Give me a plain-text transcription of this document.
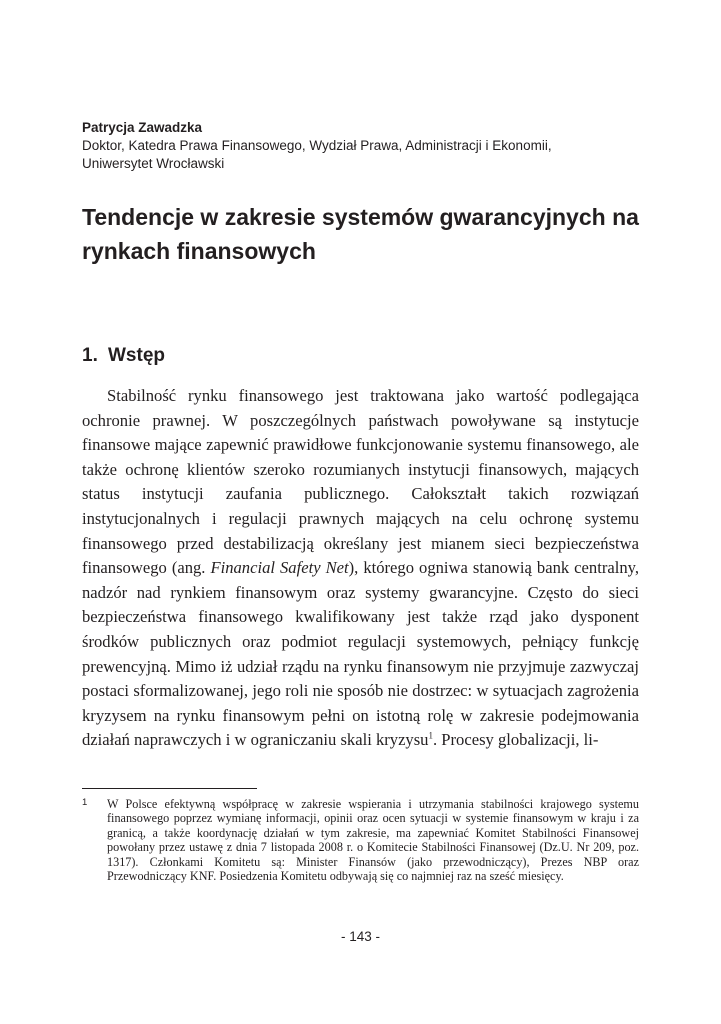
Patrycja Zawadzka
Doktor, Katedra Prawa Finansowego, Wydział Prawa, Administracji i Ekonomii,
Uniwersytet Wrocławski
Tendencje w zakresie systemów gwarancyjnych na rynkach finansowych
1. Wstęp

Stabilność rynku finansowego jest traktowana jako wartość podlegająca ochronie prawnej. W poszczególnych państwach powoływane są instytucje finansowe mające zapewnić prawidłowe funkcjonowanie systemu finansowego, ale także ochronę klientów szeroko rozumianych instytucji finansowych, mających status instytucji zaufania publicznego. Całokształt takich rozwiązań instytucjonalnych i regulacji prawnych mających na celu ochronę systemu finansowego przed destabilizacją określany jest mianem sieci bezpieczeństwa finansowego (ang. Financial Safety Net), którego ogniwa stanowią bank centralny, nadzór nad rynkiem finansowym oraz systemy gwarancyjne. Często do sieci bezpieczeństwa finansowego kwalifikowany jest także rząd jako dysponent środków publicznych oraz podmiot regulacji systemowych, pełniący funkcję prewencyjną. Mimo iż udział rządu na rynku finansowym nie przyjmuje zazwyczaj postaci sformalizowanej, jego roli nie sposób nie dostrzec: w sytuacjach zagrożenia kryzysem na rynku finansowym pełni on istotną rolę w zakresie podejmowania działań naprawczych i w ograniczaniu skali kryzysu$^1$. Procesy globalizacji, li-

1 W Polsce efektywną współpracę w zakresie wspierania i utrzymania stabilności krajowego systemu finansowego poprzez wymianę informacji, opinii oraz ocen sytuacji w systemie finansowym w kraju i za granicą, a także koordynację działań w tym zakresie, ma zapewniać Komitet Stabilności Finansowej powołany przez ustawę z dnia 7 listopada 2008 r. o Komitecie Stabilności Finansowej (Dz.U. Nr 209, poz. 1317). Członkami Komitetu są: Minister Finansów (jako przewodniczący), Prezes NBP oraz Przewodniczący KNF. Posiedzenia Komitetu odbywają się co najmniej raz na sześć miesięcy.

- 143 -
